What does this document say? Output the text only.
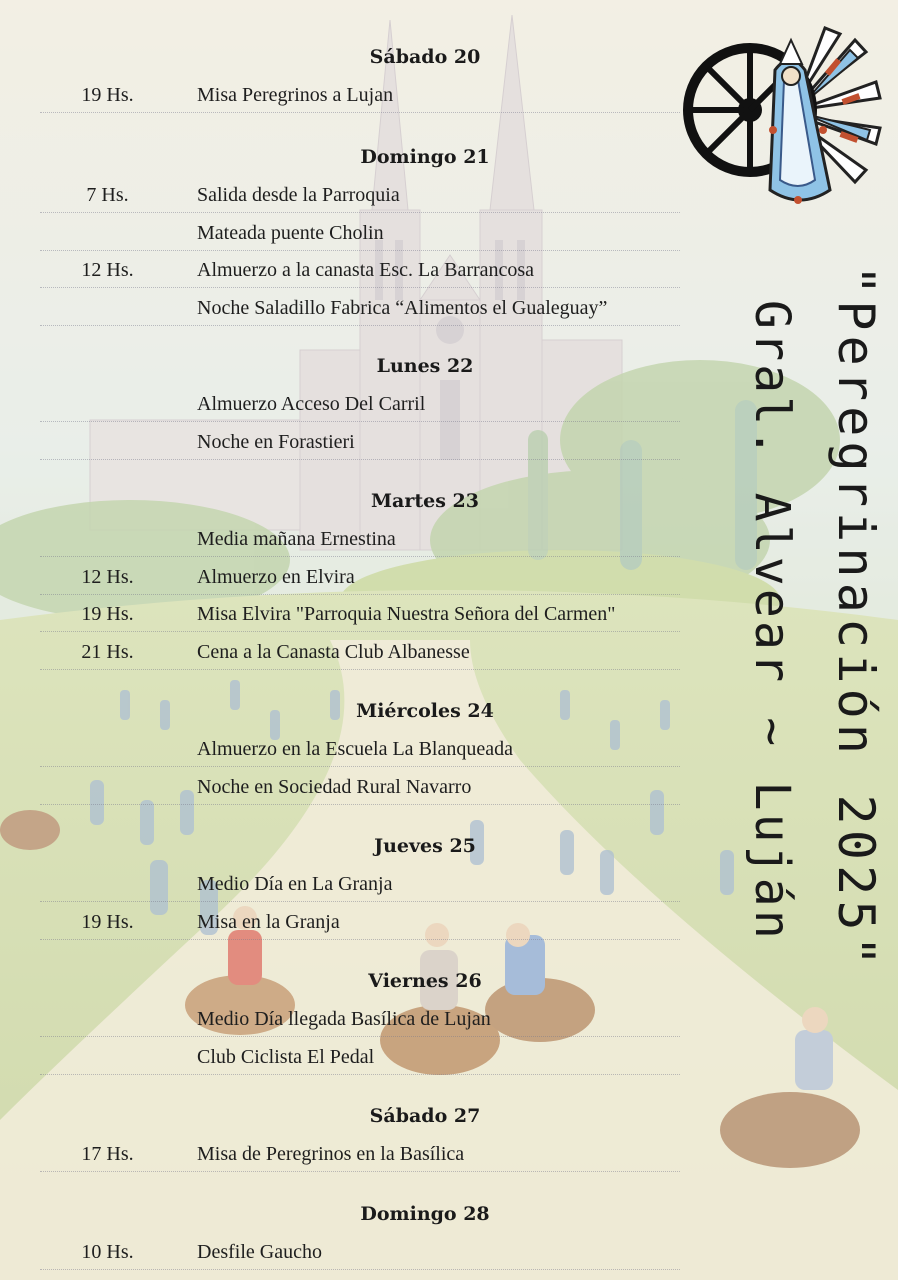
Sábado 20
19 Hs.	Misa Peregrinos a Lujan
Domingo 21
7 Hs.	Salida desde la Parroquia
Mateada puente Cholin
12 Hs.	Almuerzo a la canasta Esc. La Barrancosa
Noche Saladillo Fabrica “Alimentos el Gualeguay”
Lunes 22
Almuerzo Acceso Del Carril
Noche en Forastieri
Martes 23
Media mañana Ernestina
12 Hs.	Almuerzo en Elvira
19 Hs.	Misa Elvira "Parroquia Nuestra Señora del Carmen"
21 Hs.	Cena a la Canasta Club Albanesse
Miércoles 24
Almuerzo en la Escuela La Blanqueada
Noche en Sociedad Rural Navarro
Jueves 25
Medio Día en La Granja
19 Hs.	Misa en la Granja
Viernes 26
Medio Día llegada Basílica de Lujan
Club Ciclista El Pedal
Sábado 27
17 Hs.	Misa de Peregrinos en la Basílica
Domingo 28
10 Hs.	Desfile Gaucho
"Peregrinación 2025"
Gral. Alvear ~ Luján
